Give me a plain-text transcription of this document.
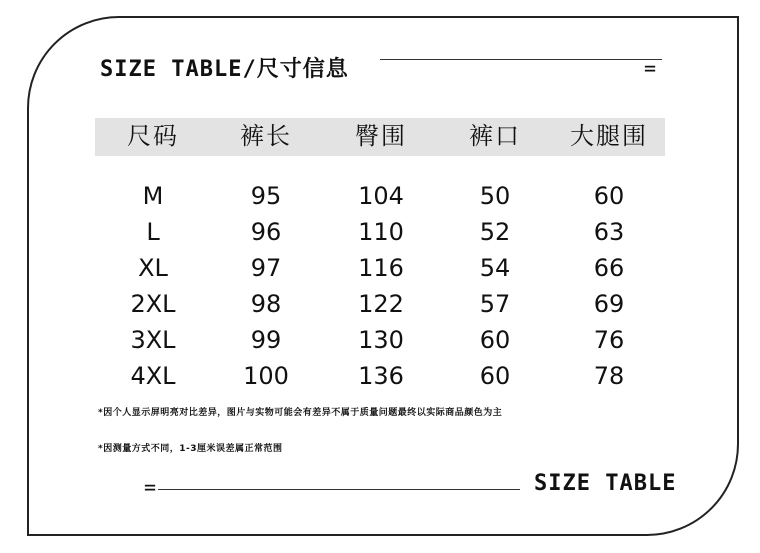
SIZE TABLE/尺寸信息	=
尺码	裤长	臀围	裤口	大腿围
M	95	104	50	60
L	96	110	52	63
XL	97	116	54	66
2XL	98	122	57	69
3XL	99	130	60	76
4XL	100	136	60	78
*因个人显示屏明亮对比差异，图片与实物可能会有差异不属于质量问题最终以实际商品颜色为主
*因测量方式不同，1-3厘米误差属正常范围
=	SIZE TABLE
